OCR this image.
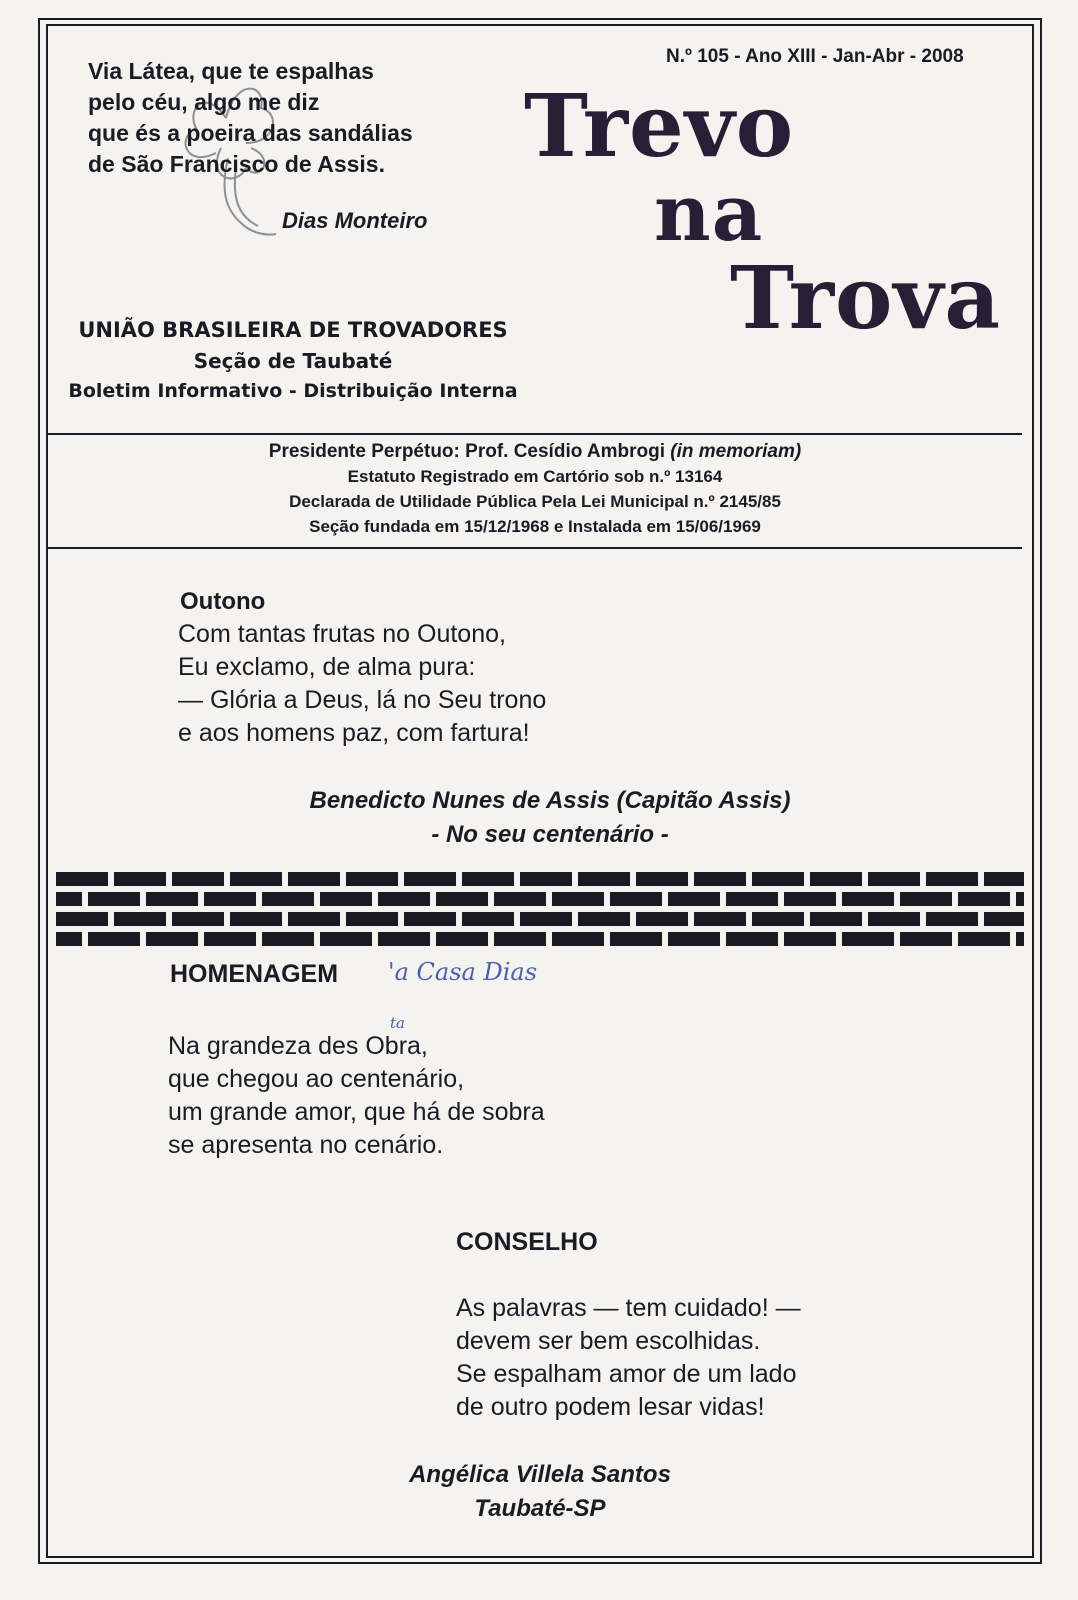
N.º 105 - Ano XIII - Jan-Abr - 2008
Via Látea, que te espalhas
pelo céu, algo me diz
que és a poeira das sandálias
de São Francisco de Assis.
Dias Monteiro
Trevo
na
Trova
UNIÃO BRASILEIRA DE TROVADORES
Seção de Taubaté
Boletim Informativo - Distribuição Interna
Presidente Perpétuo: Prof. Cesídio Ambrogi (in memoriam)
Estatuto Registrado em Cartório sob n.º 13164
Declarada de Utilidade Pública Pela Lei Municipal n.º 2145/85
Seção fundada em 15/12/1968 e Instalada em 15/06/1969
Outono
Com tantas frutas no Outono,
Eu exclamo, de alma pura:
— Glória a Deus, lá no Seu trono
e aos homens paz, com fartura!
Benedicto Nunes de Assis (Capitão Assis)
- No seu centenário -
HOMENAGEM 'a Casa Dias
ta
Na grandeza des Obra,
que chegou ao centenário,
um grande amor, que há de sobra
se apresenta no cenário.
CONSELHO
As palavras — tem cuidado! —
devem ser bem escolhidas.
Se espalham amor de um lado
de outro podem lesar vidas!
Angélica Villela Santos
Taubaté-SP
